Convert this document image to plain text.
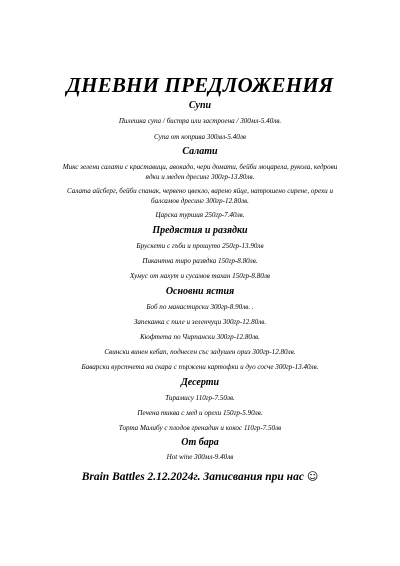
ДНЕВНИ ПРЕДЛОЖЕНИЯ
Супи
Пилешка супа / бистра или застроена / 300мл-5.40лв.
Супа от коприва 300мл-5.40лв
Салати
Микс зелени салати с краставици, авокадо, чери домати, бейби моцарела, рукола, кедрови ядки и меден дресинг 300гр-13.80лв.
Салата айсберг, бейби спанак, червено цвекло, варено яйце, натрошено сирене, орехи и балсамов дресинг 300гр-12.80лв.
Царска туршия 250гр-7.40лв.
Предястия и разядки
Брускети с гъби и прошуто 250гр-13.90лв
Пикантна тиро разядка 150гр-8.80лв.
Хумус от нахут и сусамов тахан 150гр-8.80лв
Основни ястия
Боб по манастирски 300гр-8.90лв. .
Запеканка с пиле и зеленчуци 300гр-12.80лв.
Кюфтета по Чирпански 300гр-12.80лв.
Свински винен кебап, поднесен със задушен ориз 300гр-12.80лв.
Баварски вурстчета на скара с пържени картофки и дуо сосче 300гр-13.40лв.
Десерти
Тирамису 110гр-7.50лв.
Печена тиква с мед и орехи 150гр-5.90лв.
Торта Малибу с плодов гренадин и кокос 110гр-7.50лв
От бара
Hot wine 300мл-9.40лв
Brain Battles 2.12.2024г. Записвания при нас ☺
